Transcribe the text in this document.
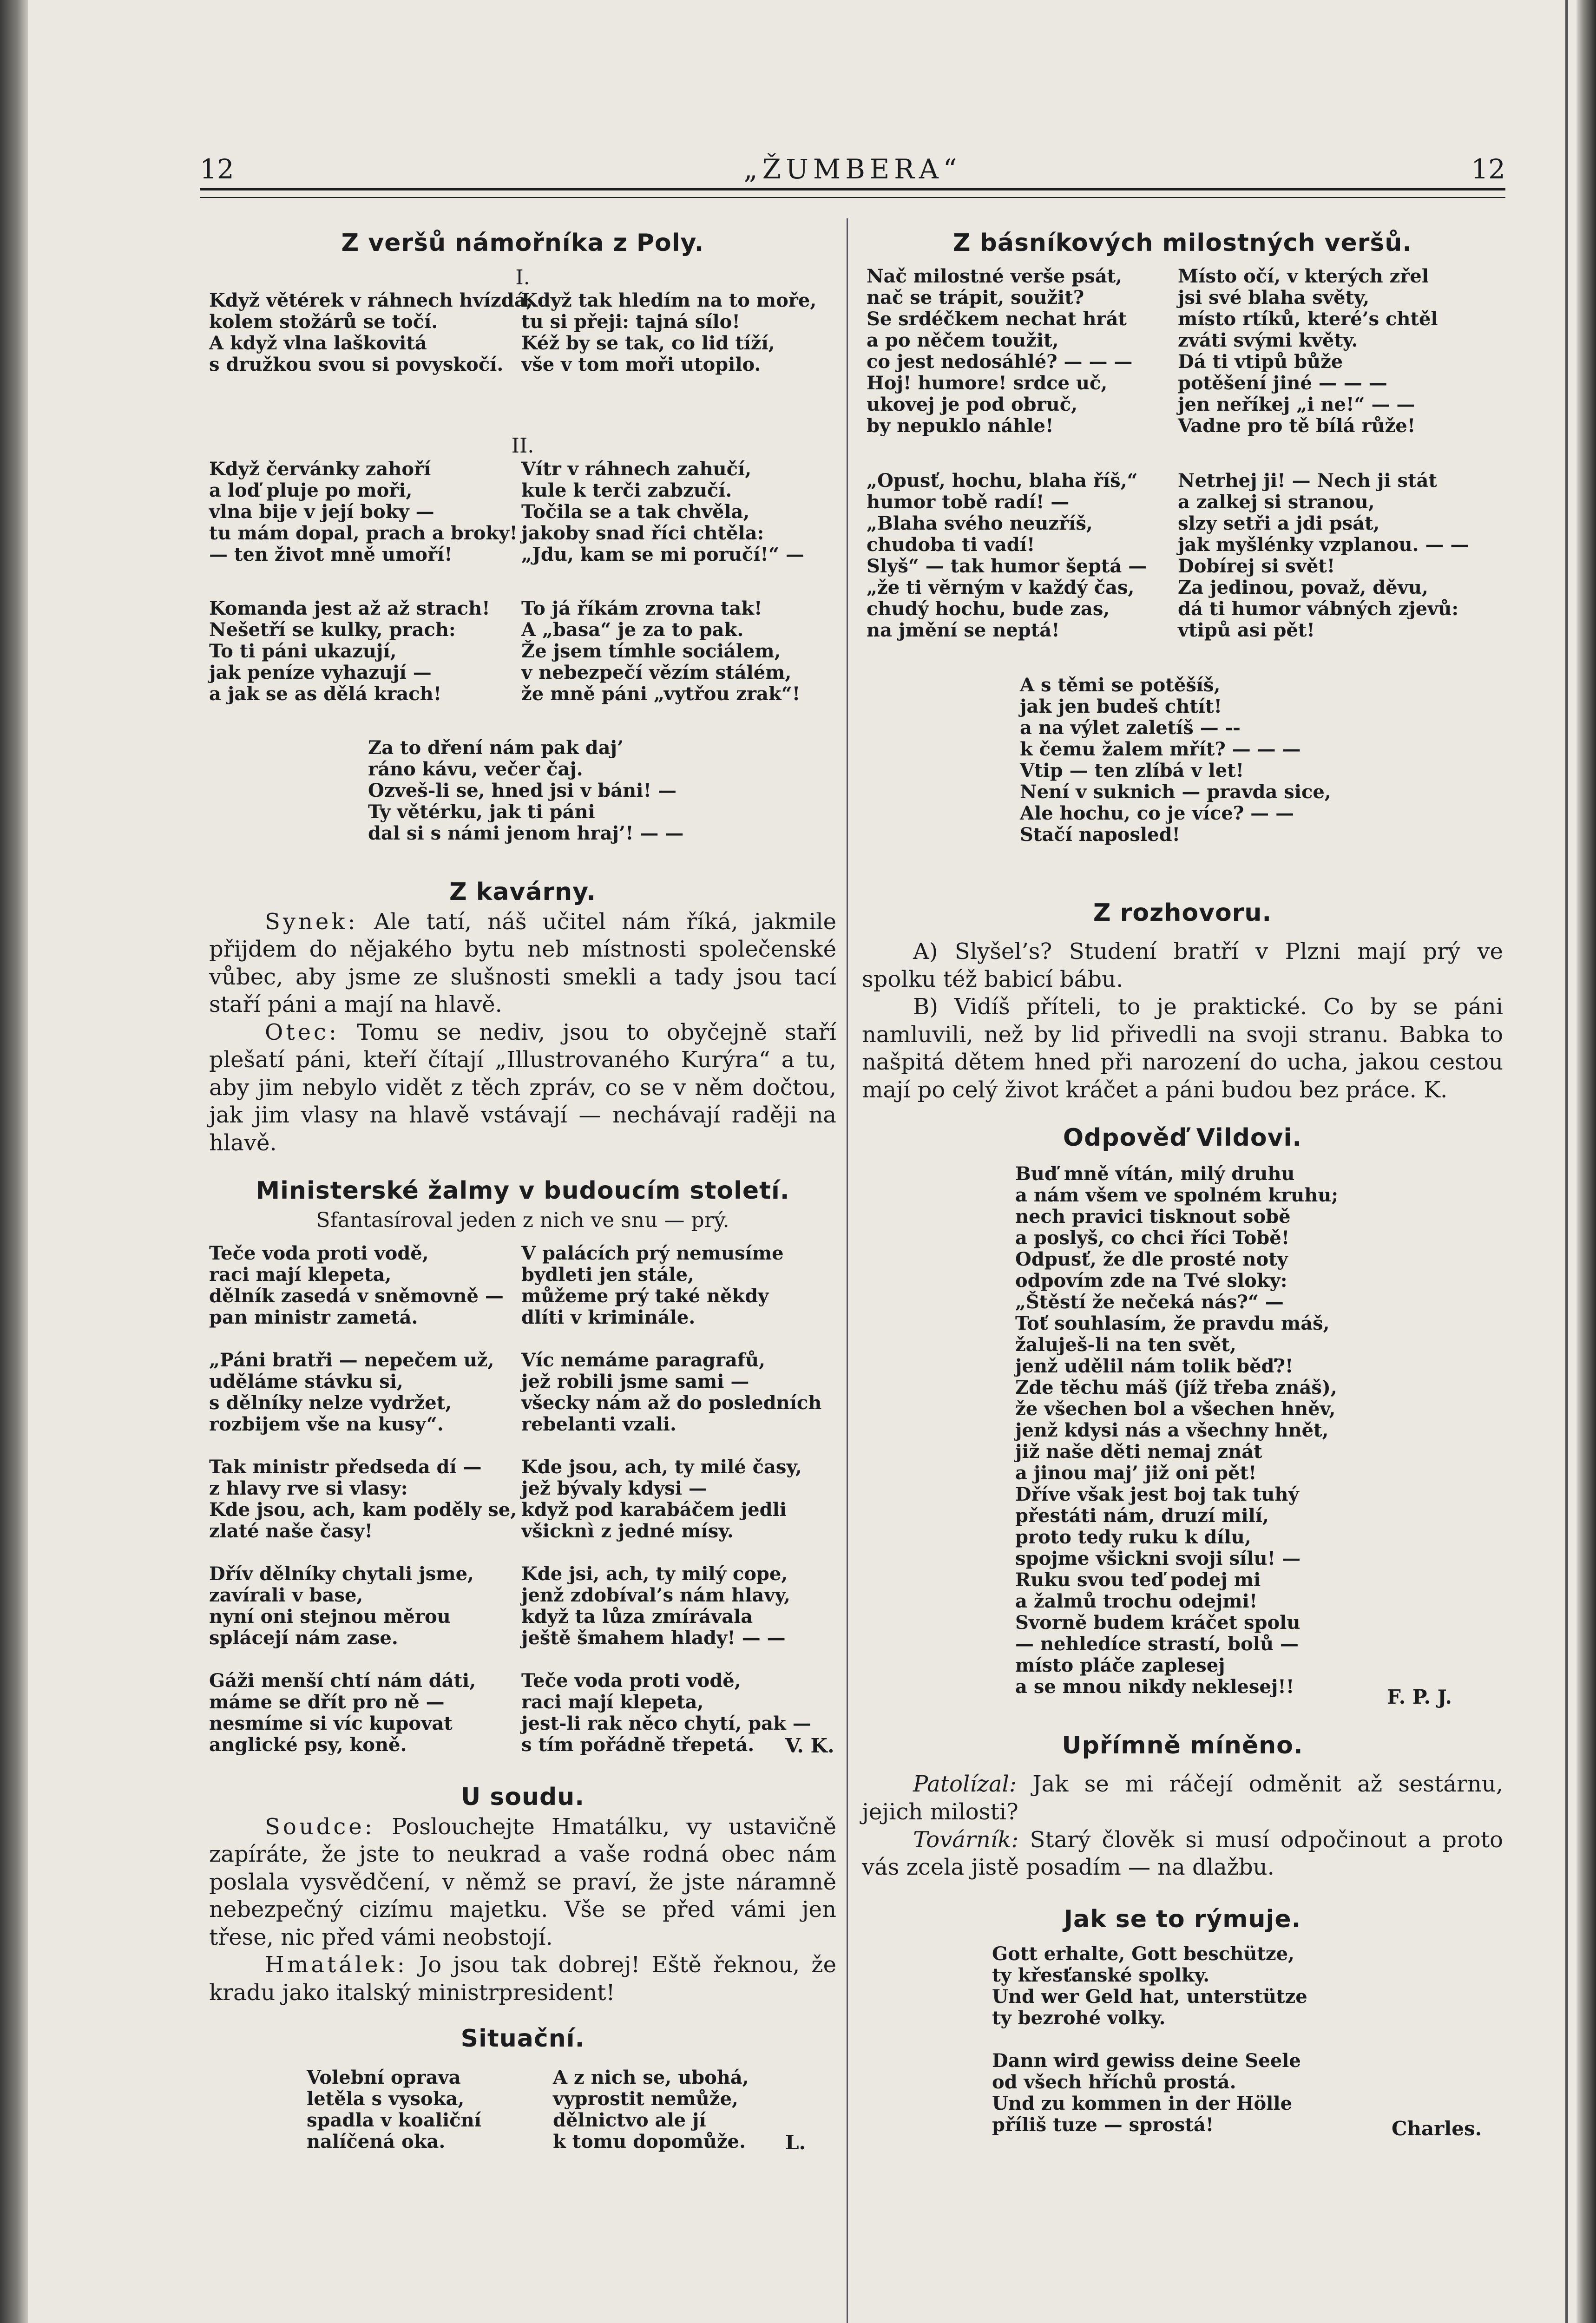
12	„ŽUMBERA“	12
Z veršů námořníka z Poly.
I.
Když větérek v ráhnech hvízdá,
kolem stožárů se točí.
A když vlna laškovitá
s družkou svou si povyskočí.
Když tak hledím na to moře,
tu si přeji: tajná sílo!
Kéž by se tak, co lid tíží,
vše v tom moři utopilo.
II.
Když červánky zahoří
a loď pluje po moři,
vlna bije v její boky —
tu mám dopal, prach a broky!
— ten život mně umoří!
Vítr v ráhnech zahučí,
kule k terči zabzučí.
Točila se a tak chvěla,
jakoby snad říci chtěla:
„Jdu, kam se mi poručí!“ —
Komanda jest až až strach!
Nešetří se kulky, prach:
To ti páni ukazují,
jak peníze vyhazují —
a jak se as dělá krach!
To já říkám zrovna tak!
A „basa“ je za to pak.
Že jsem tímhle sociálem,
v nebezpečí vězím stálém,
že mně páni „vytřou zrak“!
Za to dření nám pak daj’
ráno kávu, večer čaj.
Ozveš-li se, hned jsi v báni! —
Ty větérku, jak ti páni
dal si s námi jenom hraj’! — —
Z kavárny.

Synek: Ale tatí, náš učitel nám říká, jakmile přijdem do nějakého bytu neb místnosti společenské vůbec, aby jsme ze slušnosti smekli a tady jsou tací staří páni a mají na hlavě.

Otec: Tomu se nediv, jsou to obyčejně staří plešatí páni, kteří čítají „Illustrovaného Kurýra“ a tu, aby jim nebylo vidět z těch zpráv, co se v něm dočtou, jak jim vlasy na hlavě vstávají — nechávají raději na hlavě.

Ministerské žalmy v budoucím století.
Sfantasíroval jeden z nich ve snu — prý.
Teče voda proti vodě,
raci mají klepeta,
dělník zasedá v sněmovně —
pan ministr zametá.
V palácích prý nemusíme
bydleti jen stále,
můžeme prý také někdy
dlíti v kriminále.
„Páni bratři — nepečem už,
uděláme stávku si,
s dělníky nelze vydržet,
rozbijem vše na kusy“.
Víc nemáme paragrafů,
jež robili jsme sami —
všecky nám až do posledních
rebelanti vzali.
Tak ministr předseda dí —
z hlavy rve si vlasy:
Kde jsou, ach, kam poděly se,
zlaté naše časy!
Kde jsou, ach, ty milé časy,
jež bývaly kdysi —
když pod karabáčem jedli
všicknì z jedné mísy.
Dřív dělníky chytali jsme,
zavírali v base,
nyní oni stejnou měrou
splácejí nám zase.
Kde jsi, ach, ty milý cope,
jenž zdobíval’s nám hlavy,
když ta lůza zmírávala
ještě šmahem hlady! — —
Gáži menší chtí nám dáti,
máme se dřít pro ně —
nesmíme si víc kupovat
anglické psy, koně.
Teče voda proti vodě,
raci mají klepeta,
jest-li rak něco chytí, pak —
s tím pořádně třepetá.	V. K.
U soudu.

Soudce: Posloucheјte Hmatálku, vy ustavičně zapíráte, že jste to neukrad a vaše rodná obec nám poslala vysvědčení, v němž se praví, že jste náramně nebezpečný cizímu majetku. Vše se před vámi jen třese, nic před vámi neobstojí.

Hmatálek: Jo jsou tak dobrej! Eště řeknou, že kradu jako italský ministrpresident!

Situační.
Volební oprava
letěla s vysoka,
spadla v koaliční
nalíčená oka.
A z nich se, ubohá,
vyprostit nemůže,
dělnictvo ale jí
k tomu dopomůže. L.
Z básníkových milostných veršů.
Nač milostné verše psát,
nač se trápit, soužit?
Se srdéčkem nechat hrát
a po něčem toužit,
co jest nedosáhlé? — — —
Hoj! humore! srdce uč,
ukovej je pod obruč,
by nepuklo náhle!
Místo očí, v kterých zřel
jsi své blaha světy,
místo rtíků, které’s chtěl
zváti svými květy.
Dá ti vtipů bůže
potěšení jiné — — —
jen neříkej „i ne!“ — —
Vadne pro tě bílá růže!
„Opusť, hochu, blaha říš,“
humor tobě radí! —
„Blaha svého neuzříš,
chudoba ti vadí!
Slyš“ — tak humor šeptá —
„že ti věrným v každý čas,
chudý hochu, bude zas,
na jmění se neptá!
Netrhej ji! — Nech ji stát
a zalkej si stranou,
slzy setři a jdi psát,
jak myšlénky vzplanou. — —
Dobírej si svět!
Za jedinou, považ, děvu,
dá ti humor vábných zjevů:
vtipů asi pět!
A s těmi se potěšíš,
jak jen budeš chtít!
a na výlet zaletíš — --
k čemu žalem mřít? — — —
Vtip — ten zlíbá v let!
Není v suknich — pravda sice,
Ale hochu, co je více? — —
Stačí naposled!
Z rozhovoru.

A) Slyšel’s? Studení bratří v Plzni mají prý ve spolku též babicí bábu.

B) Vidíš příteli, to je praktické. Co by se páni namluvili, než by lid přivedli na svoji stranu. Babka to našpitá dětem hned při narození do ucha, jakou cestou mají po celý život kráčet a páni budou bez práce. K.

Odpověď Vildovi.
Buď mně vítán, milý druhu
a nám všem ve spolném kruhu;
nech pravici tisknout sobě
a poslyš, co chci říci Tobě!
Odpusť, že dle prosté noty
odpovím zde na Tvé sloky:
„Štěstí že nečeká nás?“ —
Toť souhlasím, že pravdu máš,
žaluješ-li na ten svět,
jenž udělil nám tolik běď?!
Zde těchu máš (jíž třeba znáš),
že všechen bol a všechen hněv,
jenž kdysi nás a všechny hnět,
již naše děti nemaj znát
a jinou maj’ již oni pět!
Dříve však jest boj tak tuhý
přestáti nám, druzí milí,
proto tedy ruku k dílu,
spojme všickni svoji sílu! —
Ruku svou teď podej mi
a žalmů trochu odejmi!
Svorně budem kráčet spolu
— nehledíce strastí, bolů —
místo pláče zaplesej
a se mnou nikdy neklesej!!	F. P. J.
Upřímně míněno.

Patolízal: Jak se mi ráčejí odměnit až sestárnu, jejich milosti?

Továrník: Starý člověk si musí odpočinout a proto vás zcela jistě posadím — na dlažbu.

Jak se to rýmuje.
Gott erhalte, Gott beschütze,
ty křesťanské spolky.
Und wer Geld hat, unterstütze
ty bezrohé volky.

Dann wird gewiss deine Seele
od všech hříchů prostá.
Und zu kommen in der Hölle
příliš tuze — sprostá!	Charles.
